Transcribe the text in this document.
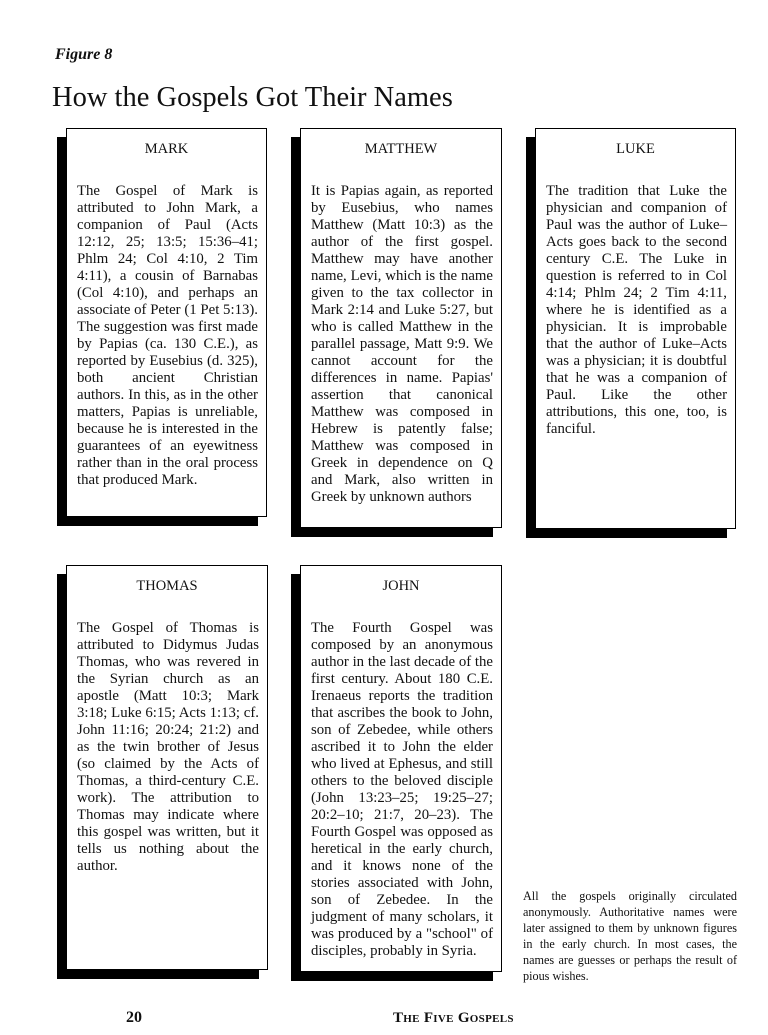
Figure 8
How the Gospels Got Their Names
MARK

The Gospel of Mark is attributed to John Mark, a companion of Paul (Acts 12:12, 25; 13:5; 15:36–41; Phlm 24; Col 4:10, 2 Tim 4:11), a cousin of Barnabas (Col 4:10), and perhaps an associate of Peter (1 Pet 5:13). The suggestion was first made by Papias (ca. 130 C.E.), as reported by Eusebius (d. 325), both ancient Christian authors. In this, as in the other matters, Papias is unreliable, because he is interested in the guarantees of an eyewitness rather than in the oral process that produced Mark.

MATTHEW

It is Papias again, as reported by Eusebius, who names Matthew (Matt 10:3) as the author of the first gospel. Matthew may have another name, Levi, which is the name given to the tax collector in Mark 2:14 and Luke 5:27, but who is called Matthew in the parallel passage, Matt 9:9. We cannot account for the differences in name. Papias' assertion that canonical Matthew was composed in Hebrew is patently false; Matthew was composed in Greek in dependence on Q and Mark, also written in Greek by unknown authors

LUKE

The tradition that Luke the physician and companion of Paul was the author of Luke–Acts goes back to the second century C.E. The Luke in question is referred to in Col 4:14; Phlm 24; 2 Tim 4:11, where he is identified as a physician. It is improbable that the author of Luke–Acts was a physician; it is doubtful that he was a companion of Paul. Like the other attributions, this one, too, is fanciful.

THOMAS

The Gospel of Thomas is attributed to Didymus Judas Thomas, who was revered in the Syrian church as an apostle (Matt 10:3; Mark 3:18; Luke 6:15; Acts 1:13; cf. John 11:16; 20:24; 21:2) and as the twin brother of Jesus (so claimed by the Acts of Thomas, a third-century C.E. work). The attribution to Thomas may indicate where this gospel was written, but it tells us nothing about the author.

JOHN

The Fourth Gospel was composed by an anonymous author in the last decade of the first century. About 180 C.E. Irenaeus reports the tradition that ascribes the book to John, son of Zebedee, while others ascribed it to John the elder who lived at Ephesus, and still others to the beloved disciple (John 13:23–25; 19:25–27; 20:2–10; 21:7, 20–23). The Fourth Gospel was opposed as heretical in the early church, and it knows none of the stories associated with John, son of Zebedee. In the judgment of many scholars, it was produced by a "school" of disciples, probably in Syria.

All the gospels originally circulated anonymously. Authoritative names were later assigned to them by unknown figures in the early church. In most cases, the names are guesses or perhaps the result of pious wishes.

20	The Five Gospels
